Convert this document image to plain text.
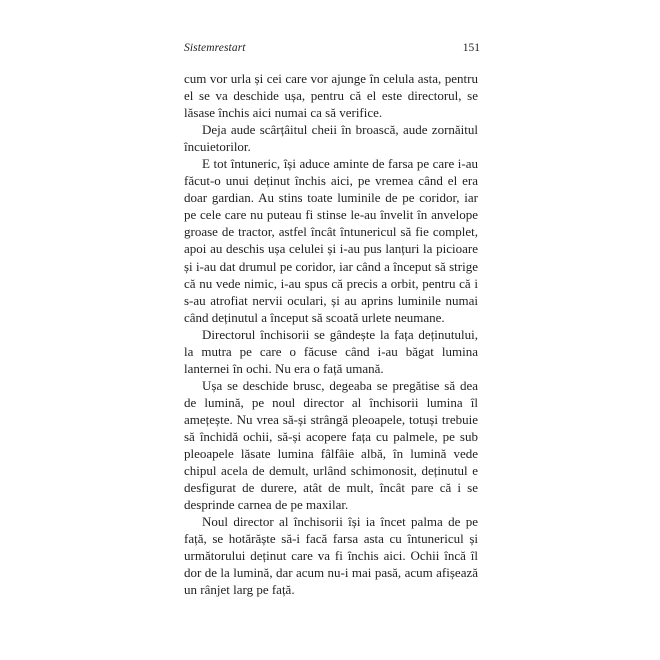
Sistemrestart	151

cum vor urla și cei care vor ajunge în celula asta, pentru el se va deschide ușa, pentru că el este directorul, se lăsase închis aici numai ca să verifice.

Deja aude scârțâitul cheii în broască, aude zornăitul încuietorilor.

E tot întuneric, își aduce aminte de farsa pe care i-au făcut-o unui deținut închis aici, pe vremea când el era doar gardian. Au stins toate luminile de pe coridor, iar pe cele care nu puteau fi stinse le-au învelit în anvelope groase de tractor, astfel încât întunericul să fie complet, apoi au deschis ușa celulei și i-au pus lanțuri la picioare și i-au dat drumul pe coridor, iar când a început să strige că nu vede nimic, i-au spus că precis a orbit, pentru că i s-au atrofiat nervii oculari, și au aprins luminile numai când deținutul a început să scoată urlete neumane.

Directorul închisorii se gândește la fața deținutului, la mutra pe care o făcuse când i-au băgat lumina lanternei în ochi. Nu era o față umană.

Ușa se deschide brusc, degeaba se pregătise să dea de lumină, pe noul director al închisorii lumina îl amețește. Nu vrea să-și strângă pleoapele, totuși trebuie să închidă ochii, să-și acopere fața cu palmele, pe sub pleoapele lăsate lumina fâlfâie albă, în lumină vede chipul acela de demult, urlând schimonosit, deținutul e desfigurat de durere, atât de mult, încât pare că i se desprinde carnea de pe maxilar.

Noul director al închisorii își ia încet palma de pe față, se hotărăște să-i facă farsa asta cu întunericul și următorului deținut care va fi închis aici. Ochii încă îl dor de la lumină, dar acum nu-i mai pasă, acum afișează un rânjet larg pe față.
